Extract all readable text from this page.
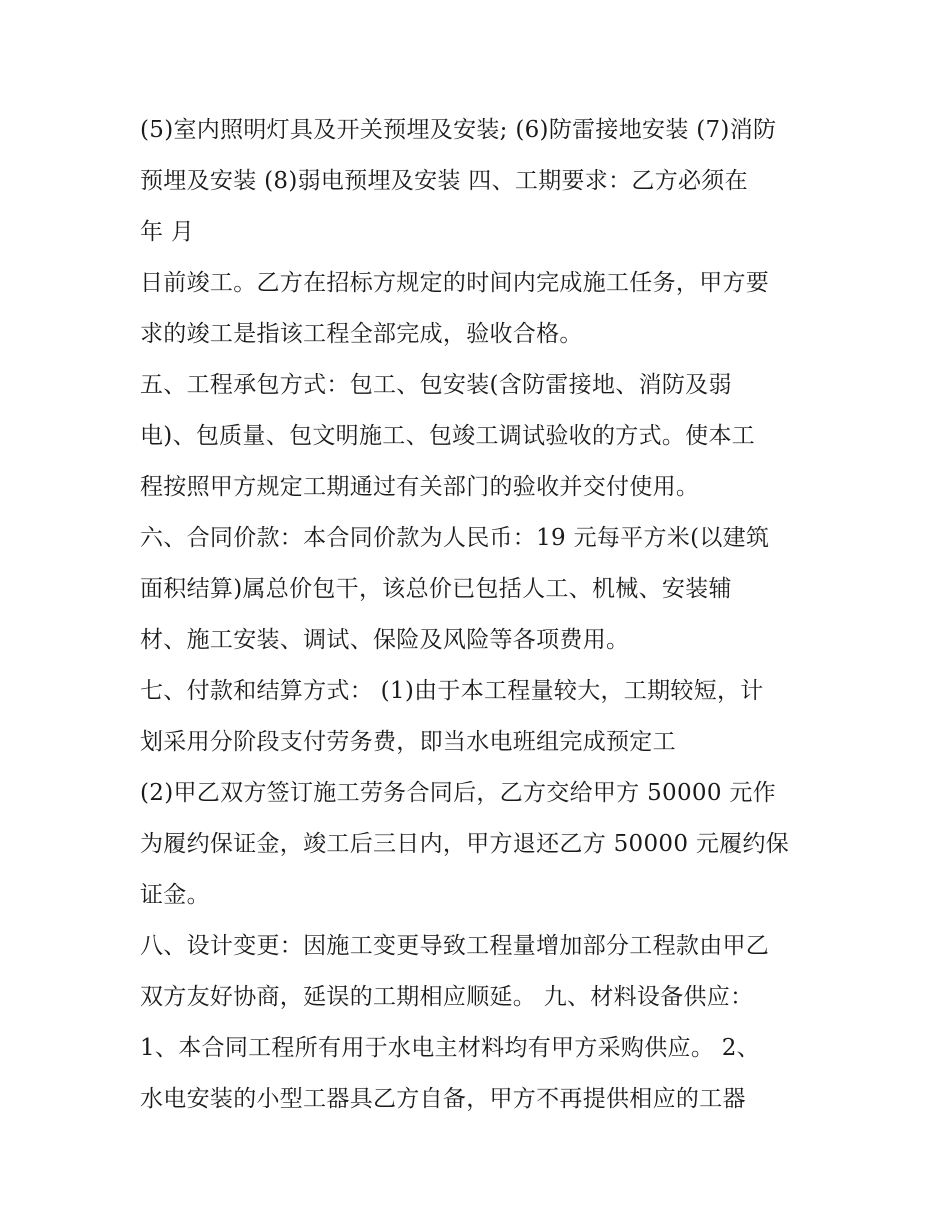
(5)室内照明灯具及开关预埋及安装; (6)防雷接地安装 (7)消防
预埋及安装 (8)弱电预埋及安装 四、工期要求：乙方必须在
年 月
日前竣工。乙方在招标方规定的时间内完成施工任务，甲方要
求的竣工是指该工程全部完成，验收合格。
五、工程承包方式：包工、包安装(含防雷接地、消防及弱
电)、包质量、包文明施工、包竣工调试验收的方式。使本工
程按照甲方规定工期通过有关部门的验收并交付使用。
六、合同价款：本合同价款为人民币：19 元每平方米(以建筑
面积结算)属总价包干，该总价已包括人工、机械、安装辅
材、施工安装、调试、保险及风险等各项费用。
七、付款和结算方式： (1)由于本工程量较大，工期较短，计
划采用分阶段支付劳务费，即当水电班组完成预定工
(2)甲乙双方签订施工劳务合同后，乙方交给甲方 50000 元作
为履约保证金，竣工后三日内，甲方退还乙方 50000 元履约保
证金。
八、设计变更：因施工变更导致工程量增加部分工程款由甲乙
双方友好协商，延误的工期相应顺延。 九、材料设备供应：
1、本合同工程所有用于水电主材料均有甲方采购供应。 2、
水电安装的小型工器具乙方自备，甲方不再提供相应的工器
